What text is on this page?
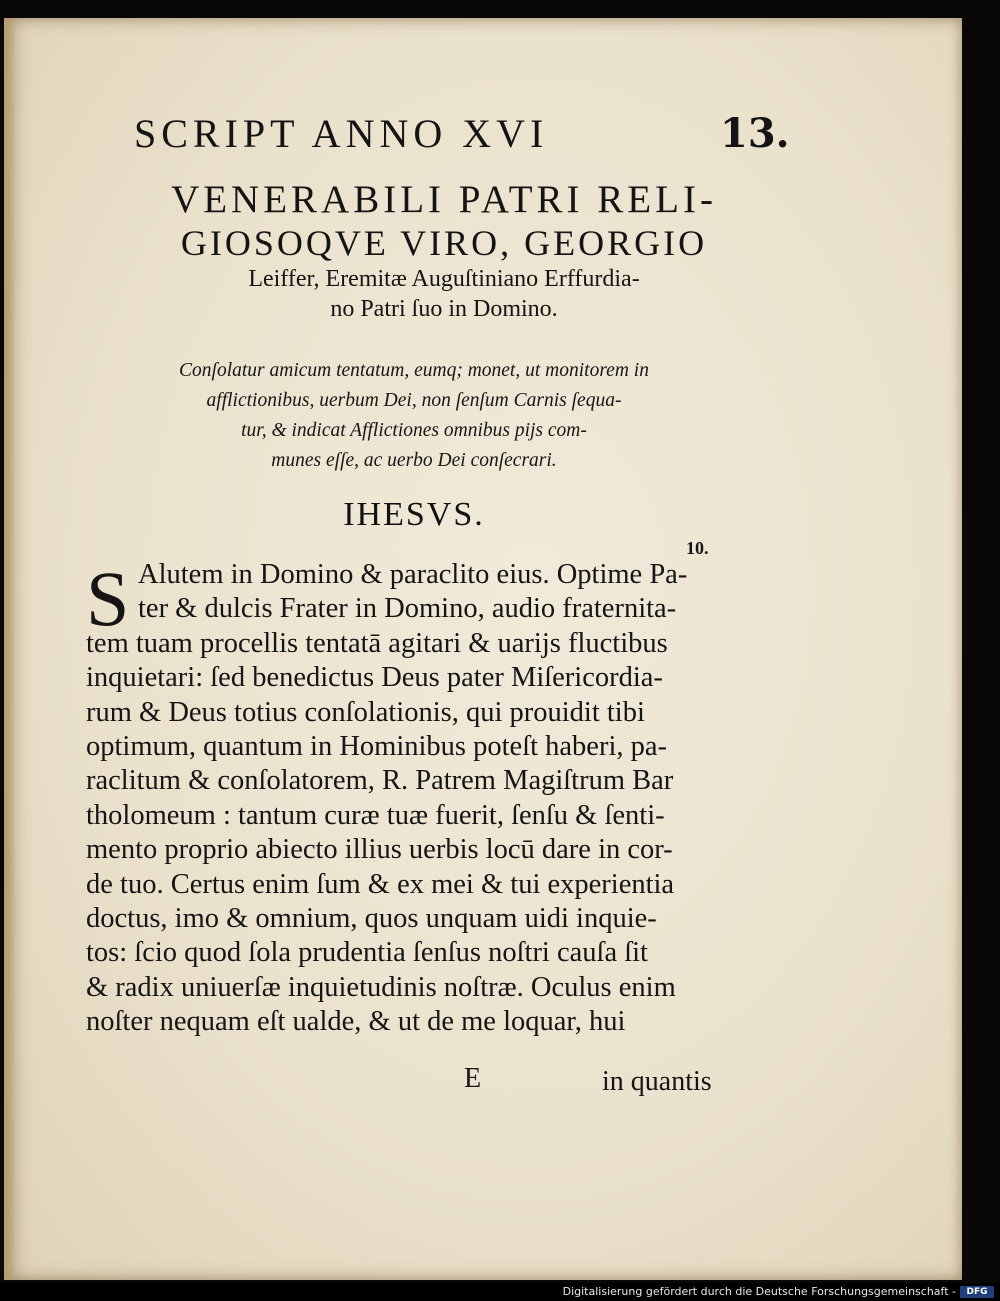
SCRIPT ANNO XVI	13.
VENERABILI PATRI RELI-
GIOSOQVE VIRO, GEORGIO
Leiffer, Eremitæ Auguſtiniano Erffurdia-
no Patri ſuo in Domino.
Conſolatur amicum tentatum, eumq; monet, ut monitorem in
afflictionibus, uerbum Dei, non ſenſum Carnis ſequa-
tur, & indicat Afflictiones omnibus pijs com-
munes eſſe, ac uerbo Dei conſecrari.
IHESVS.
10.
S Alutem in Domino & paraclito eius. Optime Pa-
ter & dulcis Frater in Domino, audio fraternita-
tem tuam procellis tentatā agitari & uarijs fluctibus
inquietari: ſed benedictus Deus pater Miſericordia-
rum & Deus totius conſolationis, qui prouidit tibi
optimum, quantum in Hominibus poteſt haberi, pa-
raclitum & conſolatorem, R. Patrem Magiſtrum Bar
tholomeum : tantum curæ tuæ fuerit, ſenſu & ſenti-
mento proprio abiecto illius uerbis locū dare in cor-
de tuo. Certus enim ſum & ex mei & tui experientia
doctus, imo & omnium, quos unquam uidi inquie-
tos: ſcio quod ſola prudentia ſenſus noſtri cauſa ſit
& radix uniuerſæ inquietudinis noſtræ. Oculus enim
noſter nequam eſt ualde, & ut de me loquar, hui
E	in quantis
Digitalisierung gefördert durch die Deutsche Forschungsgemeinschaft -	DFG
